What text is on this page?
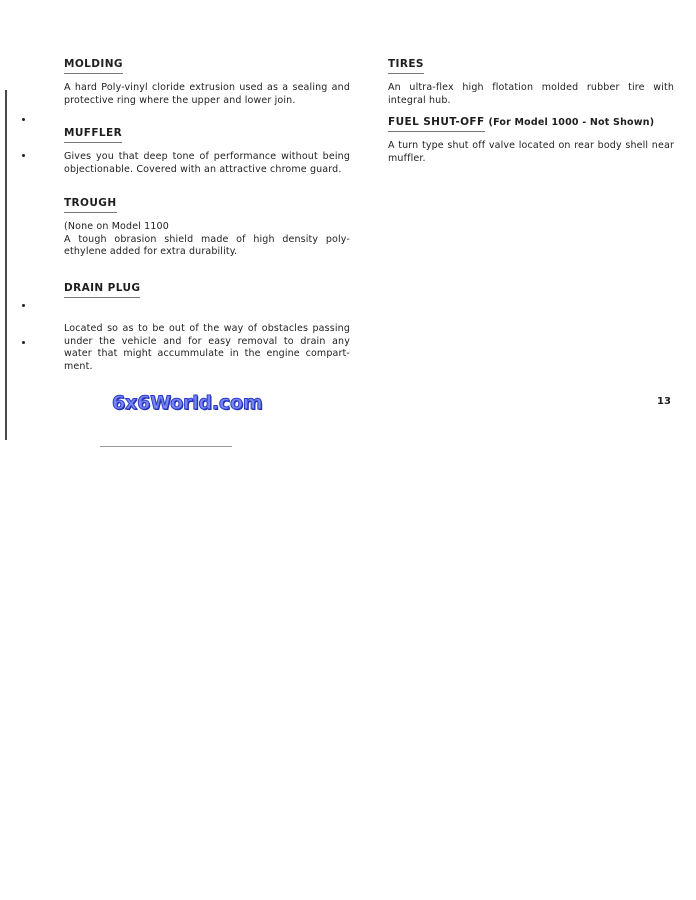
MOLDING

A hard Poly-vinyl cloride extrusion used as a sealing and protective ring where the upper and lower join.

MUFFLER

Gives you that deep tone of performance without being objectionable. Covered with an attractive chrome guard.

TROUGH

(None on Model 1100

A tough obrasion shield made of high density poly-ethylene added for extra durability.

DRAIN PLUG

Located so as to be out of the way of obstacles passing under the vehicle and for easy removal to drain any water that might accummulate in the engine compart-ment.

TIRES

An ultra-flex high flotation molded rubber tire with integral hub.

FUEL SHUT-OFF (For Model 1000 - Not Shown)

A turn type shut off valve located on rear body shell near muffler.

6x6World.com	13
